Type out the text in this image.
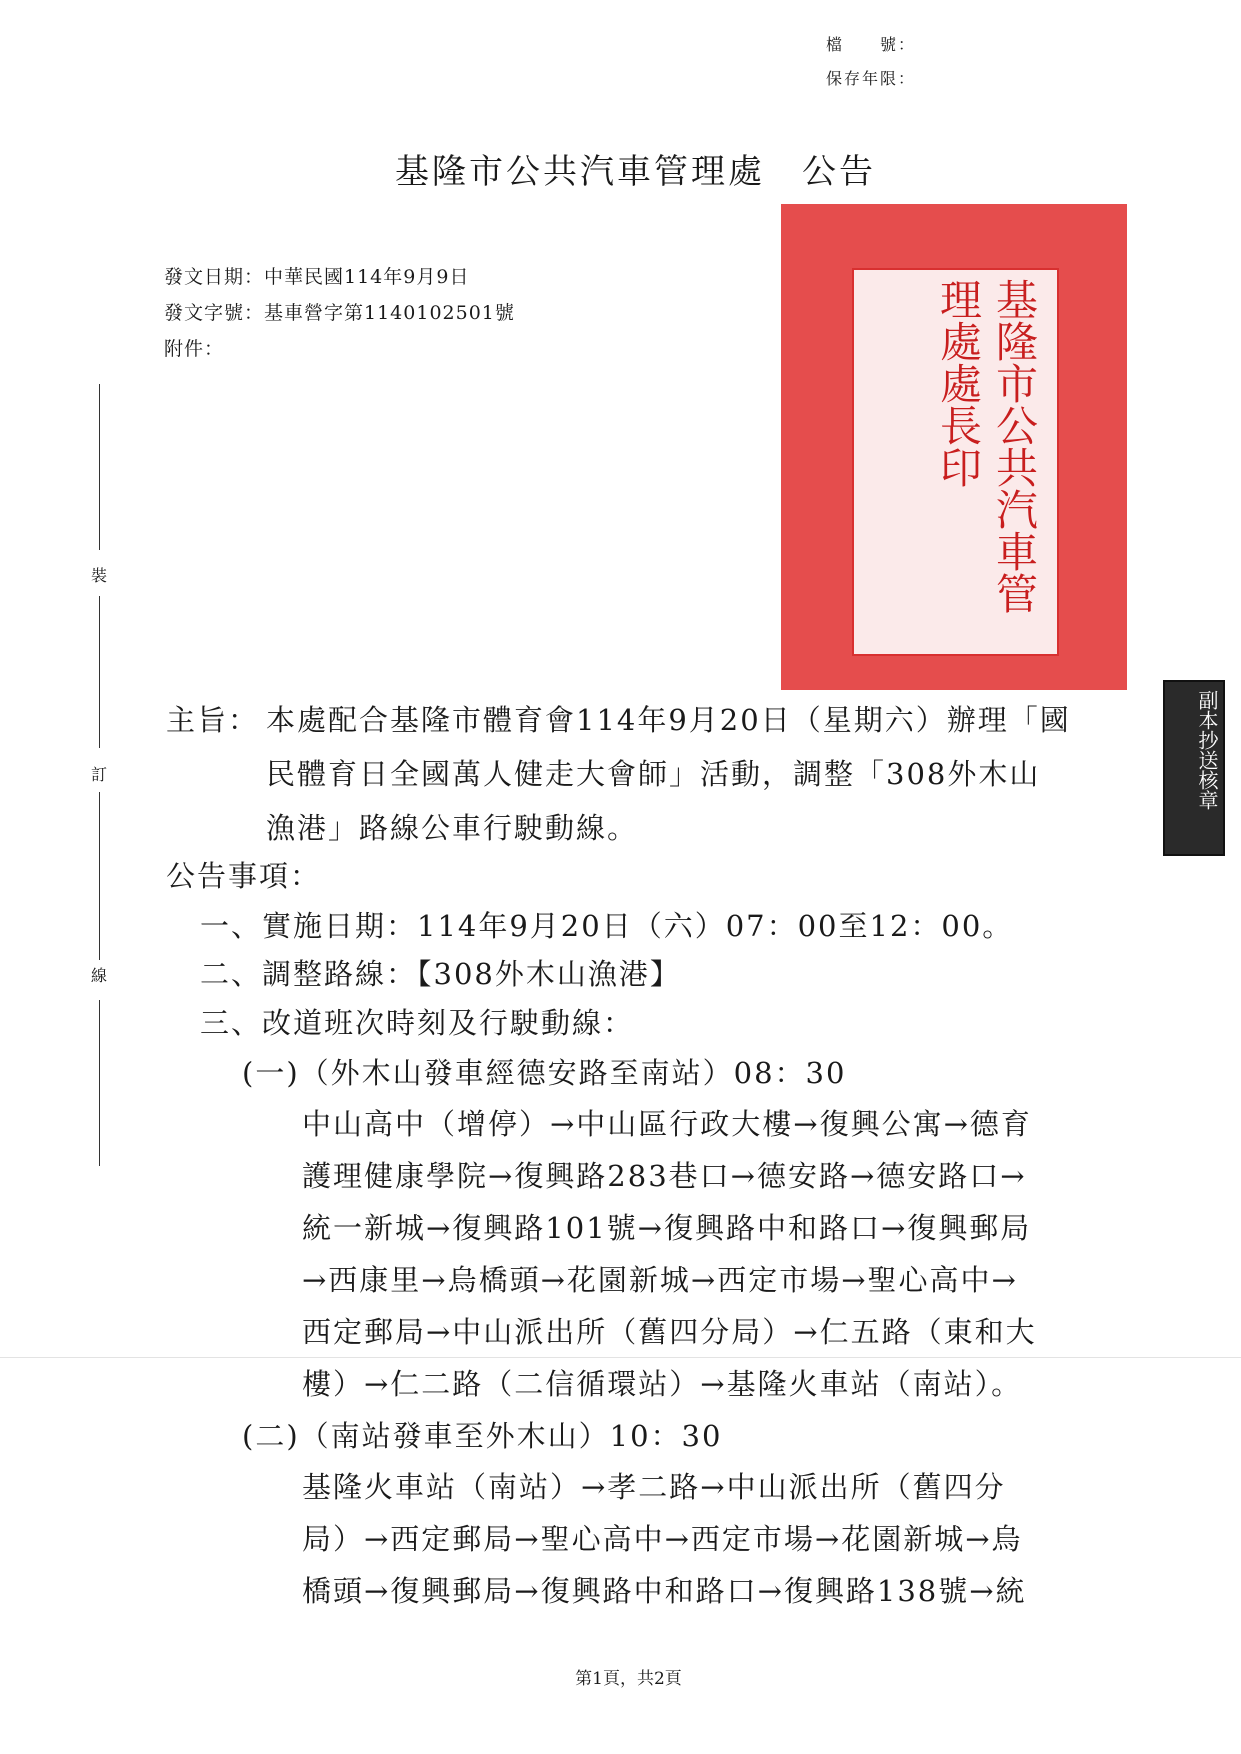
檔　　號：
保存年限：
基隆市公共汽車管理處　公告
基隆市公共汽車管理處處長印
副本抄送核章
發文日期：中華民國114年9月9日
發文字號：基車營字第1140102501號
附件：
裝
訂
線
主旨： 本處配合基隆市體育會114年9月20日（星期六）辦理「國
民體育日全國萬人健走大會師」活動，調整「308外木山
漁港」路線公車行駛動線。
公告事項：
一、實施日期：114年9月20日（六）07：00至12：00。
二、調整路線：【308外木山漁港】
三、改道班次時刻及行駛動線：
(一)（外木山發車經德安路至南站）08：30
中山高中（增停）→中山區行政大樓→復興公寓→德育
護理健康學院→復興路283巷口→德安路→德安路口→
統一新城→復興路101號→復興路中和路口→復興郵局
→西康里→烏橋頭→花園新城→西定市場→聖心高中→
西定郵局→中山派出所（舊四分局）→仁五路（東和大
樓）→仁二路（二信循環站）→基隆火車站（南站）。
(二)（南站發車至外木山）10：30
基隆火車站（南站）→孝二路→中山派出所（舊四分
局）→西定郵局→聖心高中→西定市場→花園新城→烏
橋頭→復興郵局→復興路中和路口→復興路138號→統
第1頁，共2頁
